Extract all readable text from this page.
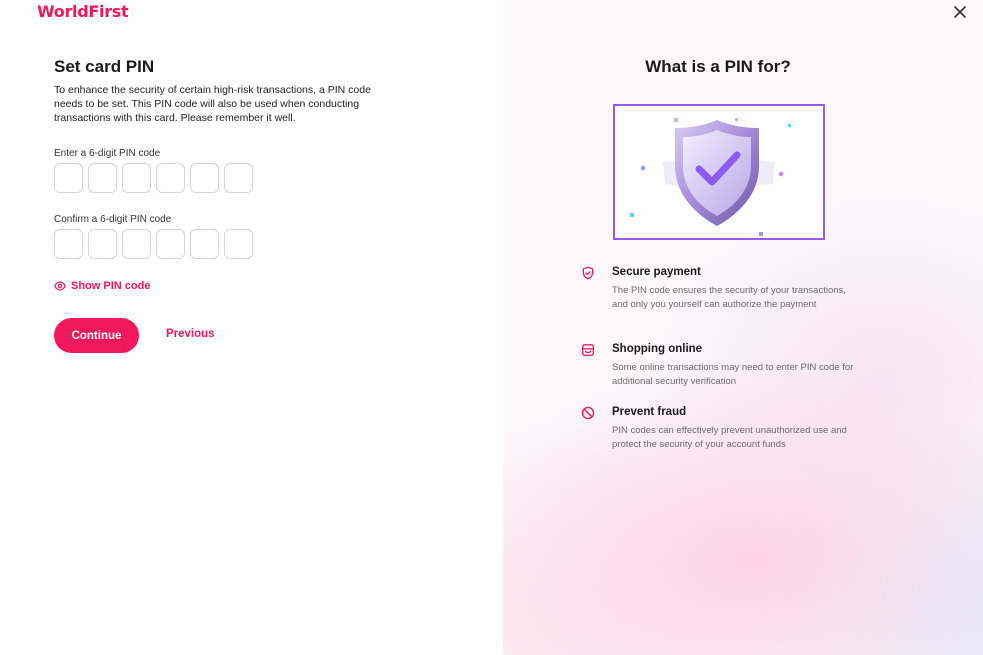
WorldFirst
Set card PIN
To enhance the security of certain high-risk transactions, a PIN code needs to be set. This PIN code will also be used when conducting transactions with this card. Please remember it well.
Enter a 6-digit PIN code
Confirm a 6-digit PIN code
Show PIN code
Continue	Previous
What is a PIN for?
Secure payment
The PIN code ensures the security of your transactions, and only you yourself can authorize the payment
Shopping online
Some online transactions may need to enter PIN code for additional security verification
Prevent fraud
PIN codes can effectively prevent unauthorized use and protect the security of your account funds
